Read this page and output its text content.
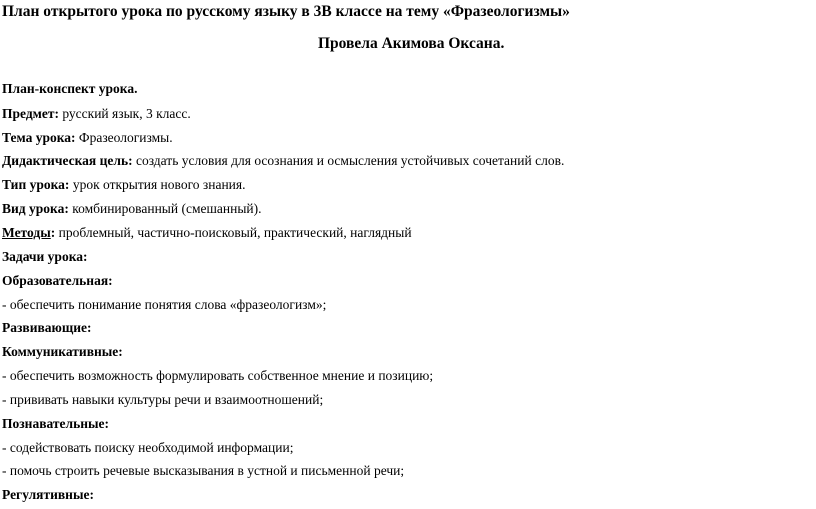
План открытого урока по русскому языку в 3В классе на тему «Фразеологизмы»
Провела Акимова Оксана.
План-конспект урока.
Предмет: русский язык, 3 класс.
Тема урока: Фразеологизмы.
Дидактическая цель: создать условия для осознания и осмысления устойчивых сочетаний слов.
Тип урока: урок открытия нового знания.
Вид урока: комбинированный (смешанный).
Методы: проблемный, частично-поисковый, практический, наглядный
Задачи урока:
Образовательная:
- обеспечить понимание понятия слова «фразеологизм»;
Развивающие:
Коммуникативные:
- обеспечить возможность формулировать собственное мнение и позицию;
- прививать навыки культуры речи и взаимоотношений;
Познавательные:
- содействовать поиску необходимой информации;
- помочь строить речевые высказывания в устной и письменной речи;
Регулятивные:
